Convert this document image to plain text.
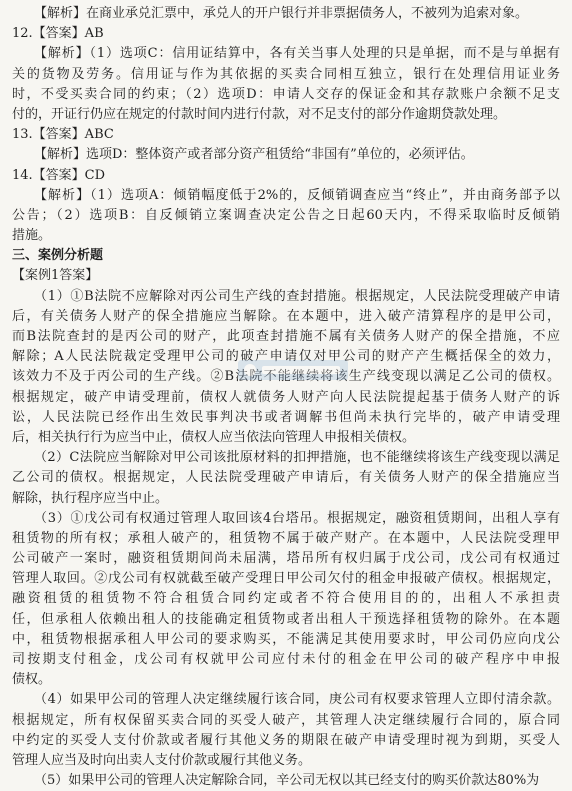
【解析】在商业承兑汇票中，承兑人的开户银行并非票据债务人，不被列为追索对象。
12.【答案】AB
【解析】（1）选项C：信用证结算中，各有关当事人处理的只是单据，而不是与单据有
关的货物及劳务。信用证与作为其依据的买卖合同相互独立，银行在处理信用证业务
时，不受买卖合同的约束；（2）选项D：申请人交存的保证金和其存款账户余额不足支
付的，开证行仍应在规定的付款时间内进行付款，对不足支付的部分作逾期贷款处理。
13.【答案】ABC
【解析】选项D：整体资产或者部分资产租赁给“非国有”单位的，必须评估。
14.【答案】CD
【解析】（1）选项A：倾销幅度低于2%的，反倾销调查应当“终止”，并由商务部予以
公告；（2）选项B：自反倾销立案调查决定公告之日起60天内，不得采取临时反倾销
措施。
三、案例分析题
【案例1答案】
（1）①B法院不应解除对丙公司生产线的查封措施。根据规定，人民法院受理破产申请
后，有关债务人财产的保全措施应当解除。在本题中，进入破产清算程序的是甲公司，
而B法院查封的是丙公司的财产，此项查封措施不属有关债务人财产的保全措施，不应
解除；A人民法院裁定受理甲公司的破产申请仅对甲公司的财产产生概括保全的效力，
该效力不及于丙公司的生产线。②B法院不能继续将该生产线变现以满足乙公司的债权。
根据规定，破产申请受理前，债权人就债务人财产向人民法院提起基于债务人财产的诉
讼，人民法院已经作出生效民事判决书或者调解书但尚未执行完毕的，破产申请受理
后，相关执行行为应当中止，债权人应当依法向管理人申报相关债权。
（2）C法院应当解除对甲公司该批原材料的扣押措施，也不能继续将该生产线变现以满足
乙公司的债权。根据规定，人民法院受理破产申请后，有关债务人财产的保全措施应当
解除，执行程序应当中止。
（3）①戊公司有权通过管理人取回该4台塔吊。根据规定，融资租赁期间，出租人享有
租赁物的所有权；承租人破产的，租赁物不属于破产财产。在本题中，人民法院受理甲
公司破产一案时，融资租赁期间尚未届满，塔吊所有权归属于戊公司，戊公司有权通过
管理人取回。②戊公司有权就截至破产受理日甲公司欠付的租金申报破产债权。根据规定，
融资租赁的租赁物不符合租赁合同约定或者不符合使用目的的，出租人不承担责
任，但承租人依赖出租人的技能确定租赁物或者出租人干预选择租赁物的除外。在本题
中，租赁物根据承租人甲公司的要求购买，不能满足其使用要求时，甲公司仍应向戊公
司按期支付租金，戊公司有权就甲公司应付未付的租金在甲公司的破产程序中申报
债权。
（4）如果甲公司的管理人决定继续履行该合同，庚公司有权要求管理人立即付清余款。
根据规定，所有权保留买卖合同的买受人破产，其管理人决定继续履行合同的，原合同
中约定的买受人支付价款或者履行其他义务的期限在破产申请受理时视为到期，买受人
管理人应当及时向出卖人支付价款或履行其他义务。
（5）如果甲公司的管理人决定解除合同，辛公司无权以其已经支付的购买价款达80%为
